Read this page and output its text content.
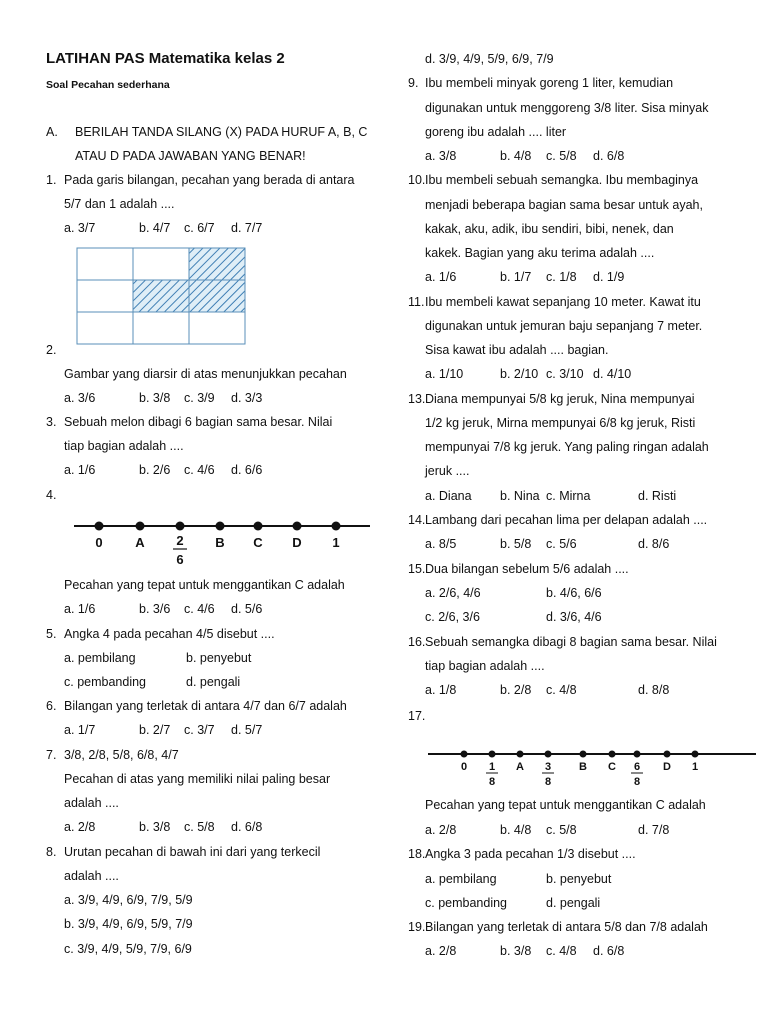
LATIHAN PAS Matematika kelas 2
Soal Pecahan sederhana
A. BERILAH TANDA SILANG (X) PADA HURUF A, B, C
ATAU D PADA JAWABAN YANG BENAR!
1. Pada garis bilangan, pecahan yang berada di antara
5/7 dan 1 adalah ....
a. 3/7	b. 4/7 c. 6/7 d. 7/7
2.
Gambar yang diarsir di atas menunjukkan pecahan
a. 3/6	b. 3/8 c. 3/9 d. 3/3
3. Sebuah melon dibagi 6 bagian sama besar. Nilai
tiap bagian adalah ....
a. 1/6	b. 2/6 c. 4/6 d. 6/6
4.
0	A 2
6
B C D 1
Pecahan yang tepat untuk menggantikan C adalah
a. 1/6	b. 3/6 c. 4/6 d. 5/6
5. Angka 4 pada pecahan 4/5 disebut ....
a. pembilang	b. penyebut
c. pembanding	d. pengali
6. Bilangan yang terletak di antara 4/7 dan 6/7 adalah
a. 1/7	b. 2/7 c. 3/7 d. 5/7
7. 3/8, 2/8, 5/8, 6/8, 4/7
Pecahan di atas yang memiliki nilai paling besar
adalah ....
a. 2/8	b. 3/8 c. 5/8 d. 6/8
8. Urutan pecahan di bawah ini dari yang terkecil
adalah ....
a. 3/9, 4/9, 6/9, 7/9, 5/9
b. 3/9, 4/9, 6/9, 5/9, 7/9
c. 3/9, 4/9, 5/9, 7/9, 6/9
d. 3/9, 4/9, 5/9, 6/9, 7/9
9. Ibu membeli minyak goreng 1 liter, kemudian
digunakan untuk menggoreng 3/8 liter. Sisa minyak
goreng ibu adalah .... liter
a. 3/8	b. 4/8 c. 5/8 d. 6/8
10. Ibu membeli sebuah semangka. Ibu membaginya
menjadi beberapa bagian sama besar untuk ayah,
kakak, aku, adik, ibu sendiri, bibi, nenek, dan
kakek. Bagian yang aku terima adalah ....
a. 1/6	b. 1/7 c. 1/8 d. 1/9
11. Ibu membeli kawat sepanjang 10 meter. Kawat itu
digunakan untuk jemuran baju sepanjang 7 meter.
Sisa kawat ibu adalah .... bagian.
a. 1/10	b. 2/10 c. 3/10 d. 4/10
13. Diana mempunyai 5/8 kg jeruk, Nina mempunyai
1/2 kg jeruk, Mirna mempunyai 6/8 kg jeruk, Risti
mempunyai 7/8 kg jeruk. Yang paling ringan adalah
jeruk ....
a. Diana b. Nina c. Mirna	d. Risti
14. Lambang dari pecahan lima per delapan adalah ....
a. 8/5	b. 5/8 c. 5/6	d. 8/6
15. Dua bilangan sebelum 5/6 adalah ....
a. 2/6, 4/6	b. 4/6, 6/6
c. 2/6, 3/6	d. 3/6, 4/6
16. Sebuah semangka dibagi 8 bagian sama besar. Nilai
tiap bagian adalah ....
a. 1/8	b. 2/8 c. 4/8	d. 8/8
17.
0 1
8
A 3
8
B C 6
8
D 1
Pecahan yang tepat untuk menggantikan C adalah
a. 2/8	b. 4/8 c. 5/8	d. 7/8
18. Angka 3 pada pecahan 1/3 disebut ....
a. pembilang	b. penyebut
c. pembanding	d. pengali
19. Bilangan yang terletak di antara 5/8 dan 7/8 adalah
a. 2/8	b. 3/8 c. 4/8 d. 6/8
